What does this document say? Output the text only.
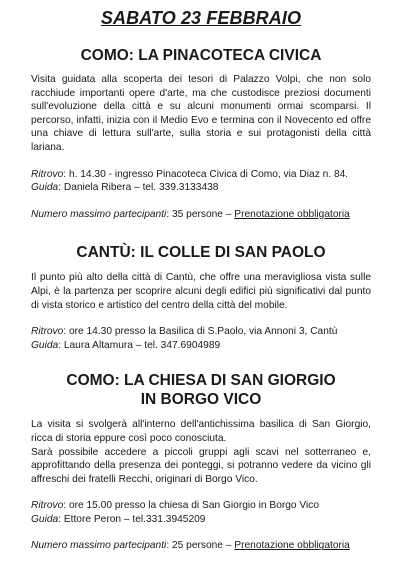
SABATO 23 FEBBRAIO
COMO: LA PINACOTECA CIVICA

Visita guidata alla scoperta dei tesori di Palazzo Volpi, che non solo racchiude importanti opere d'arte, ma che custodisce preziosi documenti sull'evoluzione della città e su alcuni monumenti ormai scomparsi. Il percorso, infatti, inizia con il Medio Evo e termina con il Novecento ed offre una chiave di lettura sull'arte, sulla storia e sui protagonisti della città lariana.

Ritrovo: h. 14.30 - ingresso Pinacoteca Civica di Como, via Diaz n. 84.
Guida: Daniela Ribera – tel. 339.3133438

Numero massimo partecipanti: 35 persone – Prenotazione obbligatoria

CANTÙ: IL COLLE DI SAN PAOLO

Il punto più alto della città di Cantù, che offre una meravigliosa vista sulle Alpi, è la partenza per scoprire alcuni degli edifici più significativi dal punto di vista storico e artistico del centro della città del mobile.

Ritrovo: ore 14.30 presso la Basilica di S.Paolo, via Annoni 3, Cantù
Guida: Laura Altamura – tel. 347.6904989

COMO: LA CHIESA DI SAN GIORGIO
IN BORGO VICO

La visita si svolgerà all'interno dell'antichissima basilica di San Giorgio, ricca di storia eppure così poco conosciuta.
Sarà possibile accedere a piccoli gruppi agli scavi nel sotterraneo e, approfittando della presenza dei ponteggi, si potranno vedere da vicino gli affreschi dei fratelli Recchi, originari di Borgo Vico.

Ritrovo: ore 15.00 presso la chiesa di San Giorgio in Borgo Vico
Guida: Ettore Peron – tel.331.3945209

Numero massimo partecipanti: 25 persone – Prenotazione obbligatoria
